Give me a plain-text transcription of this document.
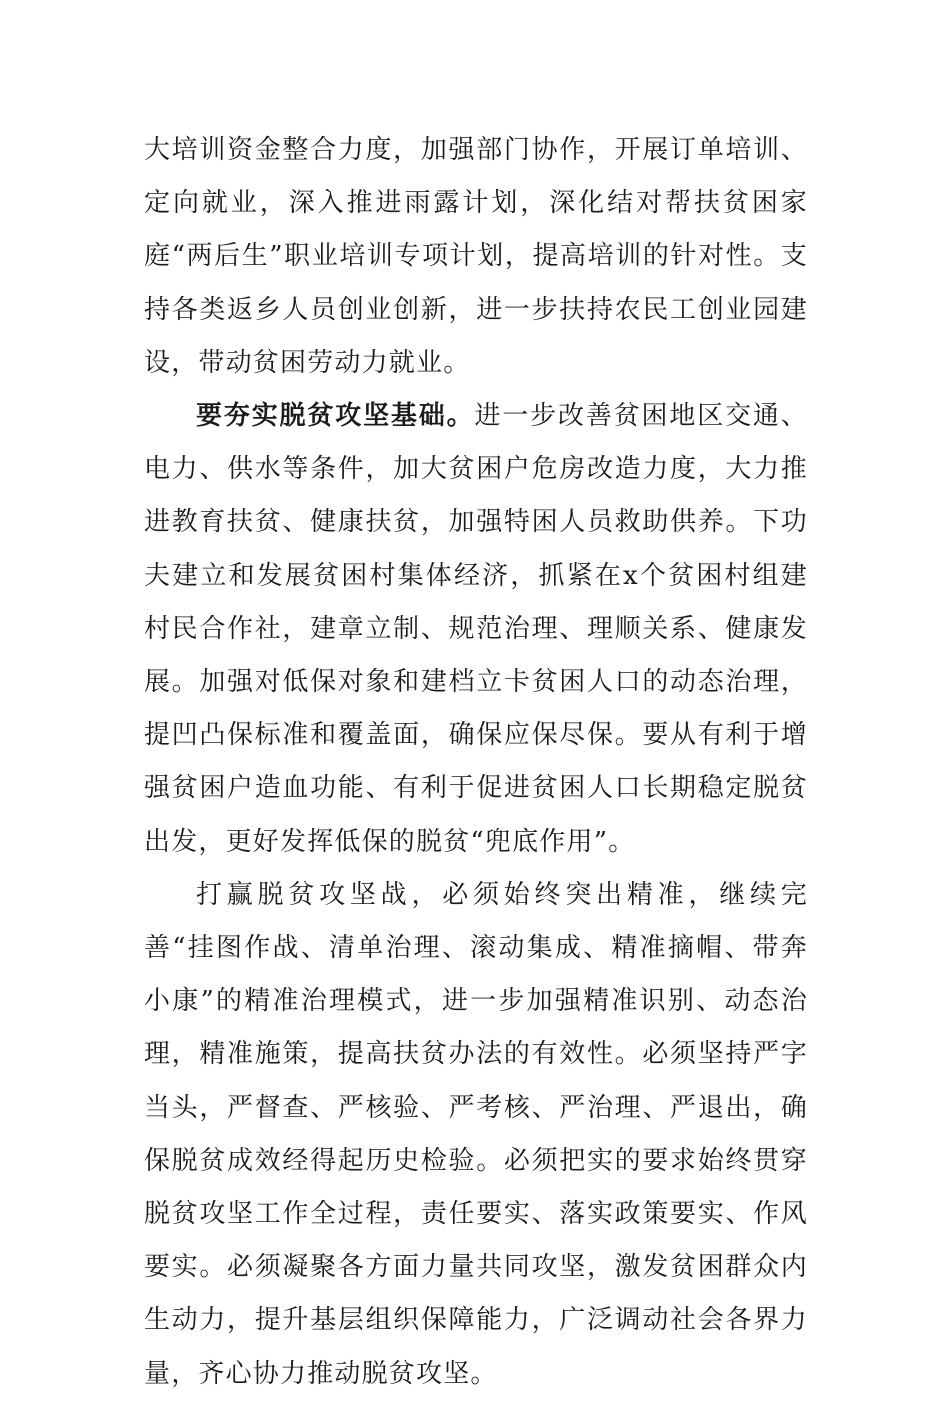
大培训资金整合力度，加强部门协作，开展订单培训、定向就业，深入推进雨露计划，深化结对帮扶贫困家庭“两后生”职业培训专项计划，提高培训的针对性。支持各类返乡人员创业创新，进一步扶持农民工创业园建设，带动贫困劳动力就业。

要夯实脱贫攻坚基础。进一步改善贫困地区交通、电力、供水等条件，加大贫困户危房改造力度，大力推进教育扶贫、健康扶贫，加强特困人员救助供养。下功夫建立和发展贫困村集体经济，抓紧在x个贫困村组建村民合作社，建章立制、规范治理、理顺关系、健康发展。加强对低保对象和建档立卡贫困人口的动态治理，提凹凸保标准和覆盖面，确保应保尽保。要从有利于增强贫困户造血功能、有利于促进贫困人口长期稳定脱贫出发，更好发挥低保的脱贫“兜底作用”。

打赢脱贫攻坚战，必须始终突出精准，继续完善“挂图作战、清单治理、滚动集成、精准摘帽、带奔小康”的精准治理模式，进一步加强精准识别、动态治理，精准施策，提高扶贫办法的有效性。必须坚持严字当头，严督查、严核验、严考核、严治理、严退出，确保脱贫成效经得起历史检验。必须把实的要求始终贯穿脱贫攻坚工作全过程，责任要实、落实政策要实、作风要实。必须凝聚各方面力量共同攻坚，激发贫困群众内生动力，提升基层组织保障能力，广泛调动社会各界力量，齐心协力推动脱贫攻坚。
